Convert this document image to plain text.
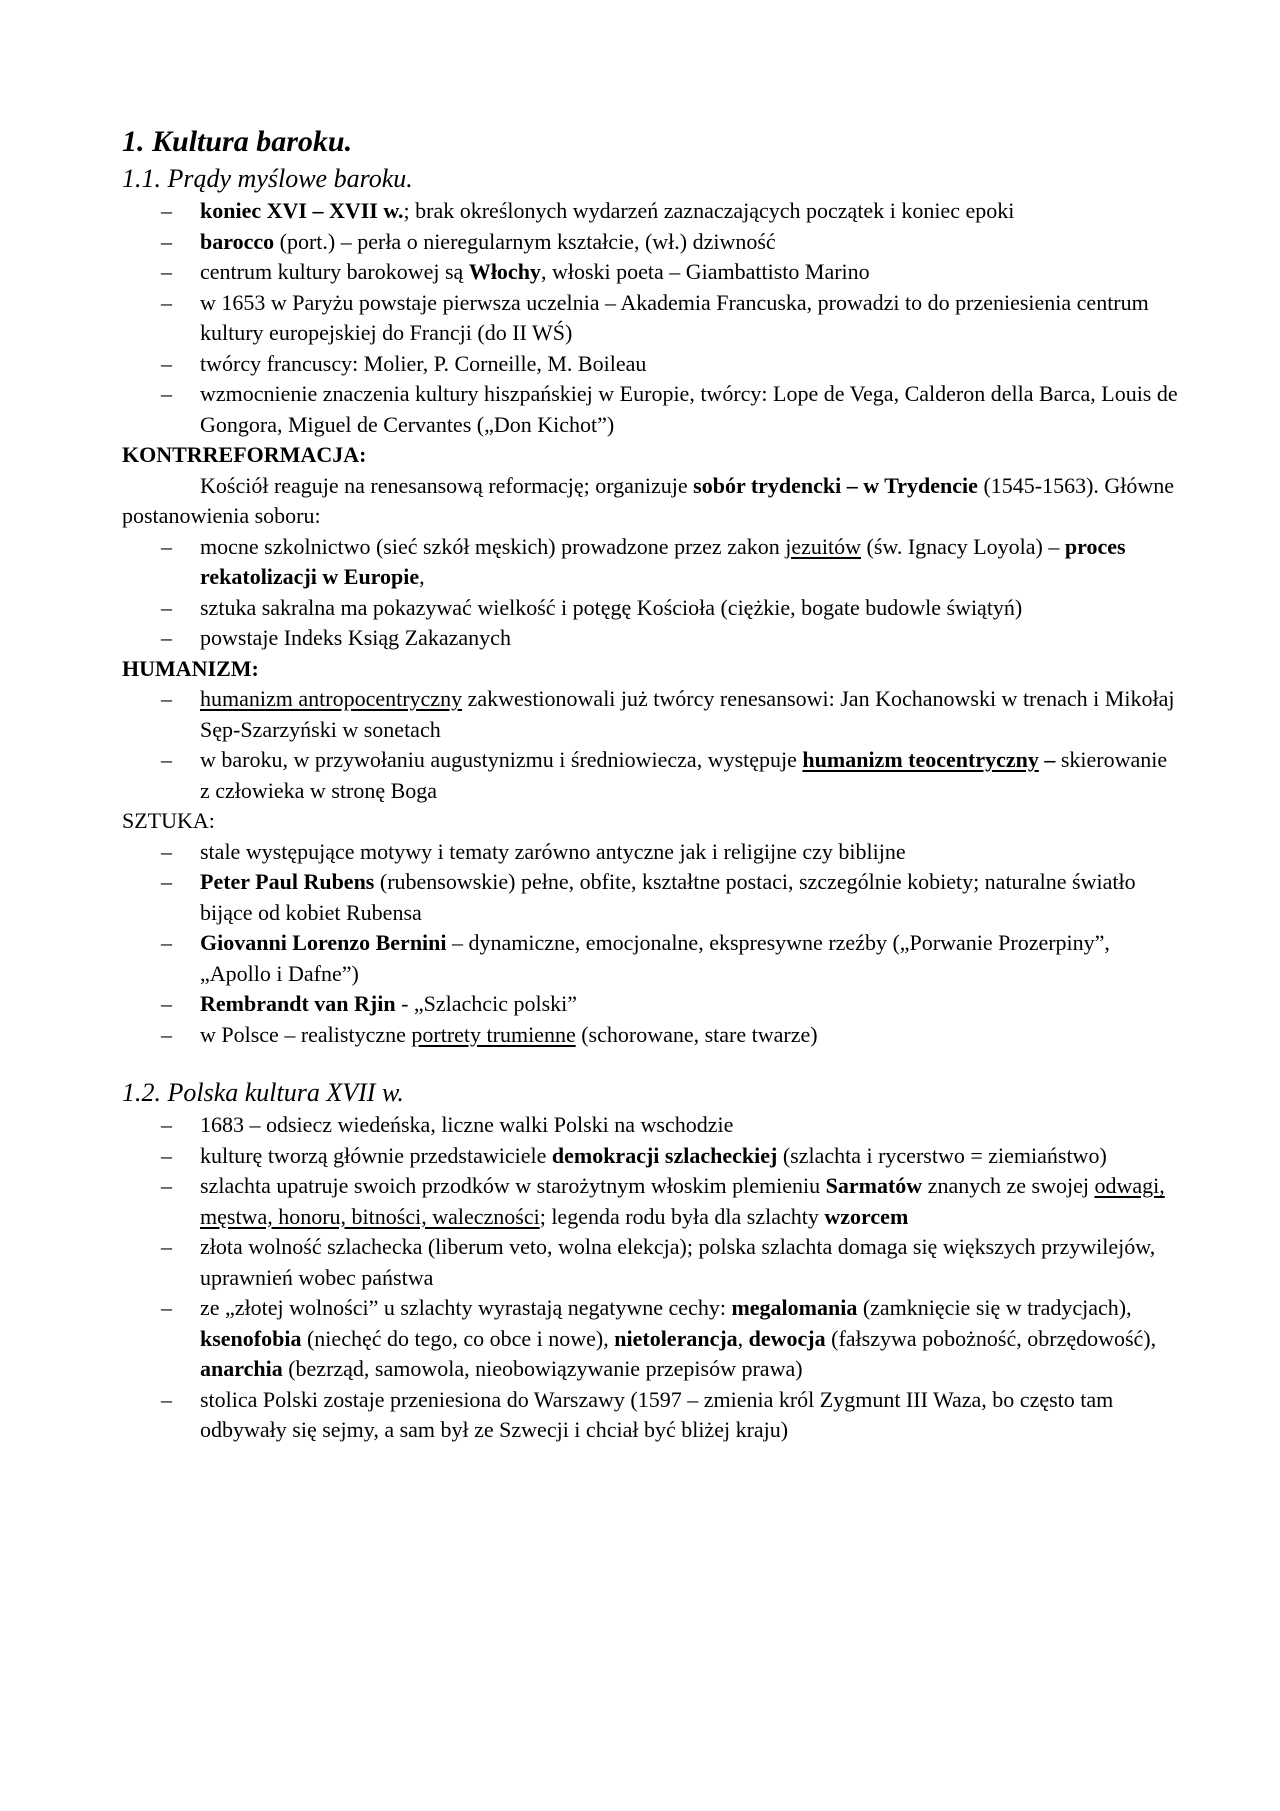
1. Kultura baroku.
1.1. Prądy myślowe baroku.
– koniec XVI – XVII w.; brak określonych wydarzeń zaznaczających początek i koniec epoki
– barocco (port.) – perła o nieregularnym kształcie, (wł.) dziwność
– centrum kultury barokowej są Włochy, włoski poeta – Giambattisto Marino
– w 1653 w Paryżu powstaje pierwsza uczelnia – Akademia Francuska, prowadzi to do przeniesienia centrum kultury europejskiej do Francji (do II WŚ)
– twórcy francuscy: Molier, P. Corneille, M. Boileau
– wzmocnienie znaczenia kultury hiszpańskiej w Europie, twórcy: Lope de Vega, Calderon della Barca, Louis de Gongora, Miguel de Cervantes („Don Kichot”)
KONTRREFORMACJA:
Kościół reaguje na renesansową reformację; organizuje sobór trydencki – w Trydencie (1545-1563). Główne postanowienia soboru:
– mocne szkolnictwo (sieć szkół męskich) prowadzone przez zakon jezuitów (św. Ignacy Loyola) – proces rekatolizacji w Europie,
– sztuka sakralna ma pokazywać wielkość i potęgę Kościoła (ciężkie, bogate budowle świątyń)
– powstaje Indeks Ksiąg Zakazanych
HUMANIZM:
– humanizm antropocentryczny zakwestionowali już twórcy renesansowi: Jan Kochanowski w trenach i Mikołaj Sęp-Szarzyński w sonetach
– w baroku, w przywołaniu augustynizmu i średniowiecza, występuje humanizm teocentryczny – skierowanie z człowieka w stronę Boga
SZTUKA:
– stale występujące motywy i tematy zarówno antyczne jak i religijne czy biblijne
– Peter Paul Rubens (rubensowskie) pełne, obfite, kształtne postaci, szczególnie kobiety; naturalne światło bijące od kobiet Rubensa
– Giovanni Lorenzo Bernini – dynamiczne, emocjonalne, ekspresywne rzeźby („Porwanie Prozerpiny”, „Apollo i Dafne”)
– Rembrandt van Rjin - „Szlachcic polski”
– w Polsce – realistyczne portrety trumienne (schorowane, stare twarze)
1.2. Polska kultura XVII w.
– 1683 – odsiecz wiedeńska, liczne walki Polski na wschodzie
– kulturę tworzą głównie przedstawiciele demokracji szlacheckiej (szlachta i rycerstwo = ziemiaństwo)
– szlachta upatruje swoich przodków w starożytnym włoskim plemieniu Sarmatów znanych ze swojej odwagi, męstwa, honoru, bitności, waleczności; legenda rodu była dla szlachty wzorcem
– złota wolność szlachecka (liberum veto, wolna elekcja); polska szlachta domaga się większych przywilejów, uprawnień wobec państwa
– ze „złotej wolności” u szlachty wyrastają negatywne cechy: megalomania (zamknięcie się w tradycjach), ksenofobia (niechęć do tego, co obce i nowe), nietolerancja, dewocja (fałszywa pobożność, obrzędowość), anarchia (bezrząd, samowola, nieobowiązywanie przepisów prawa)
– stolica Polski zostaje przeniesiona do Warszawy (1597 – zmienia król Zygmunt III Waza, bo często tam odbywały się sejmy, a sam był ze Szwecji i chciał być bliżej kraju)
